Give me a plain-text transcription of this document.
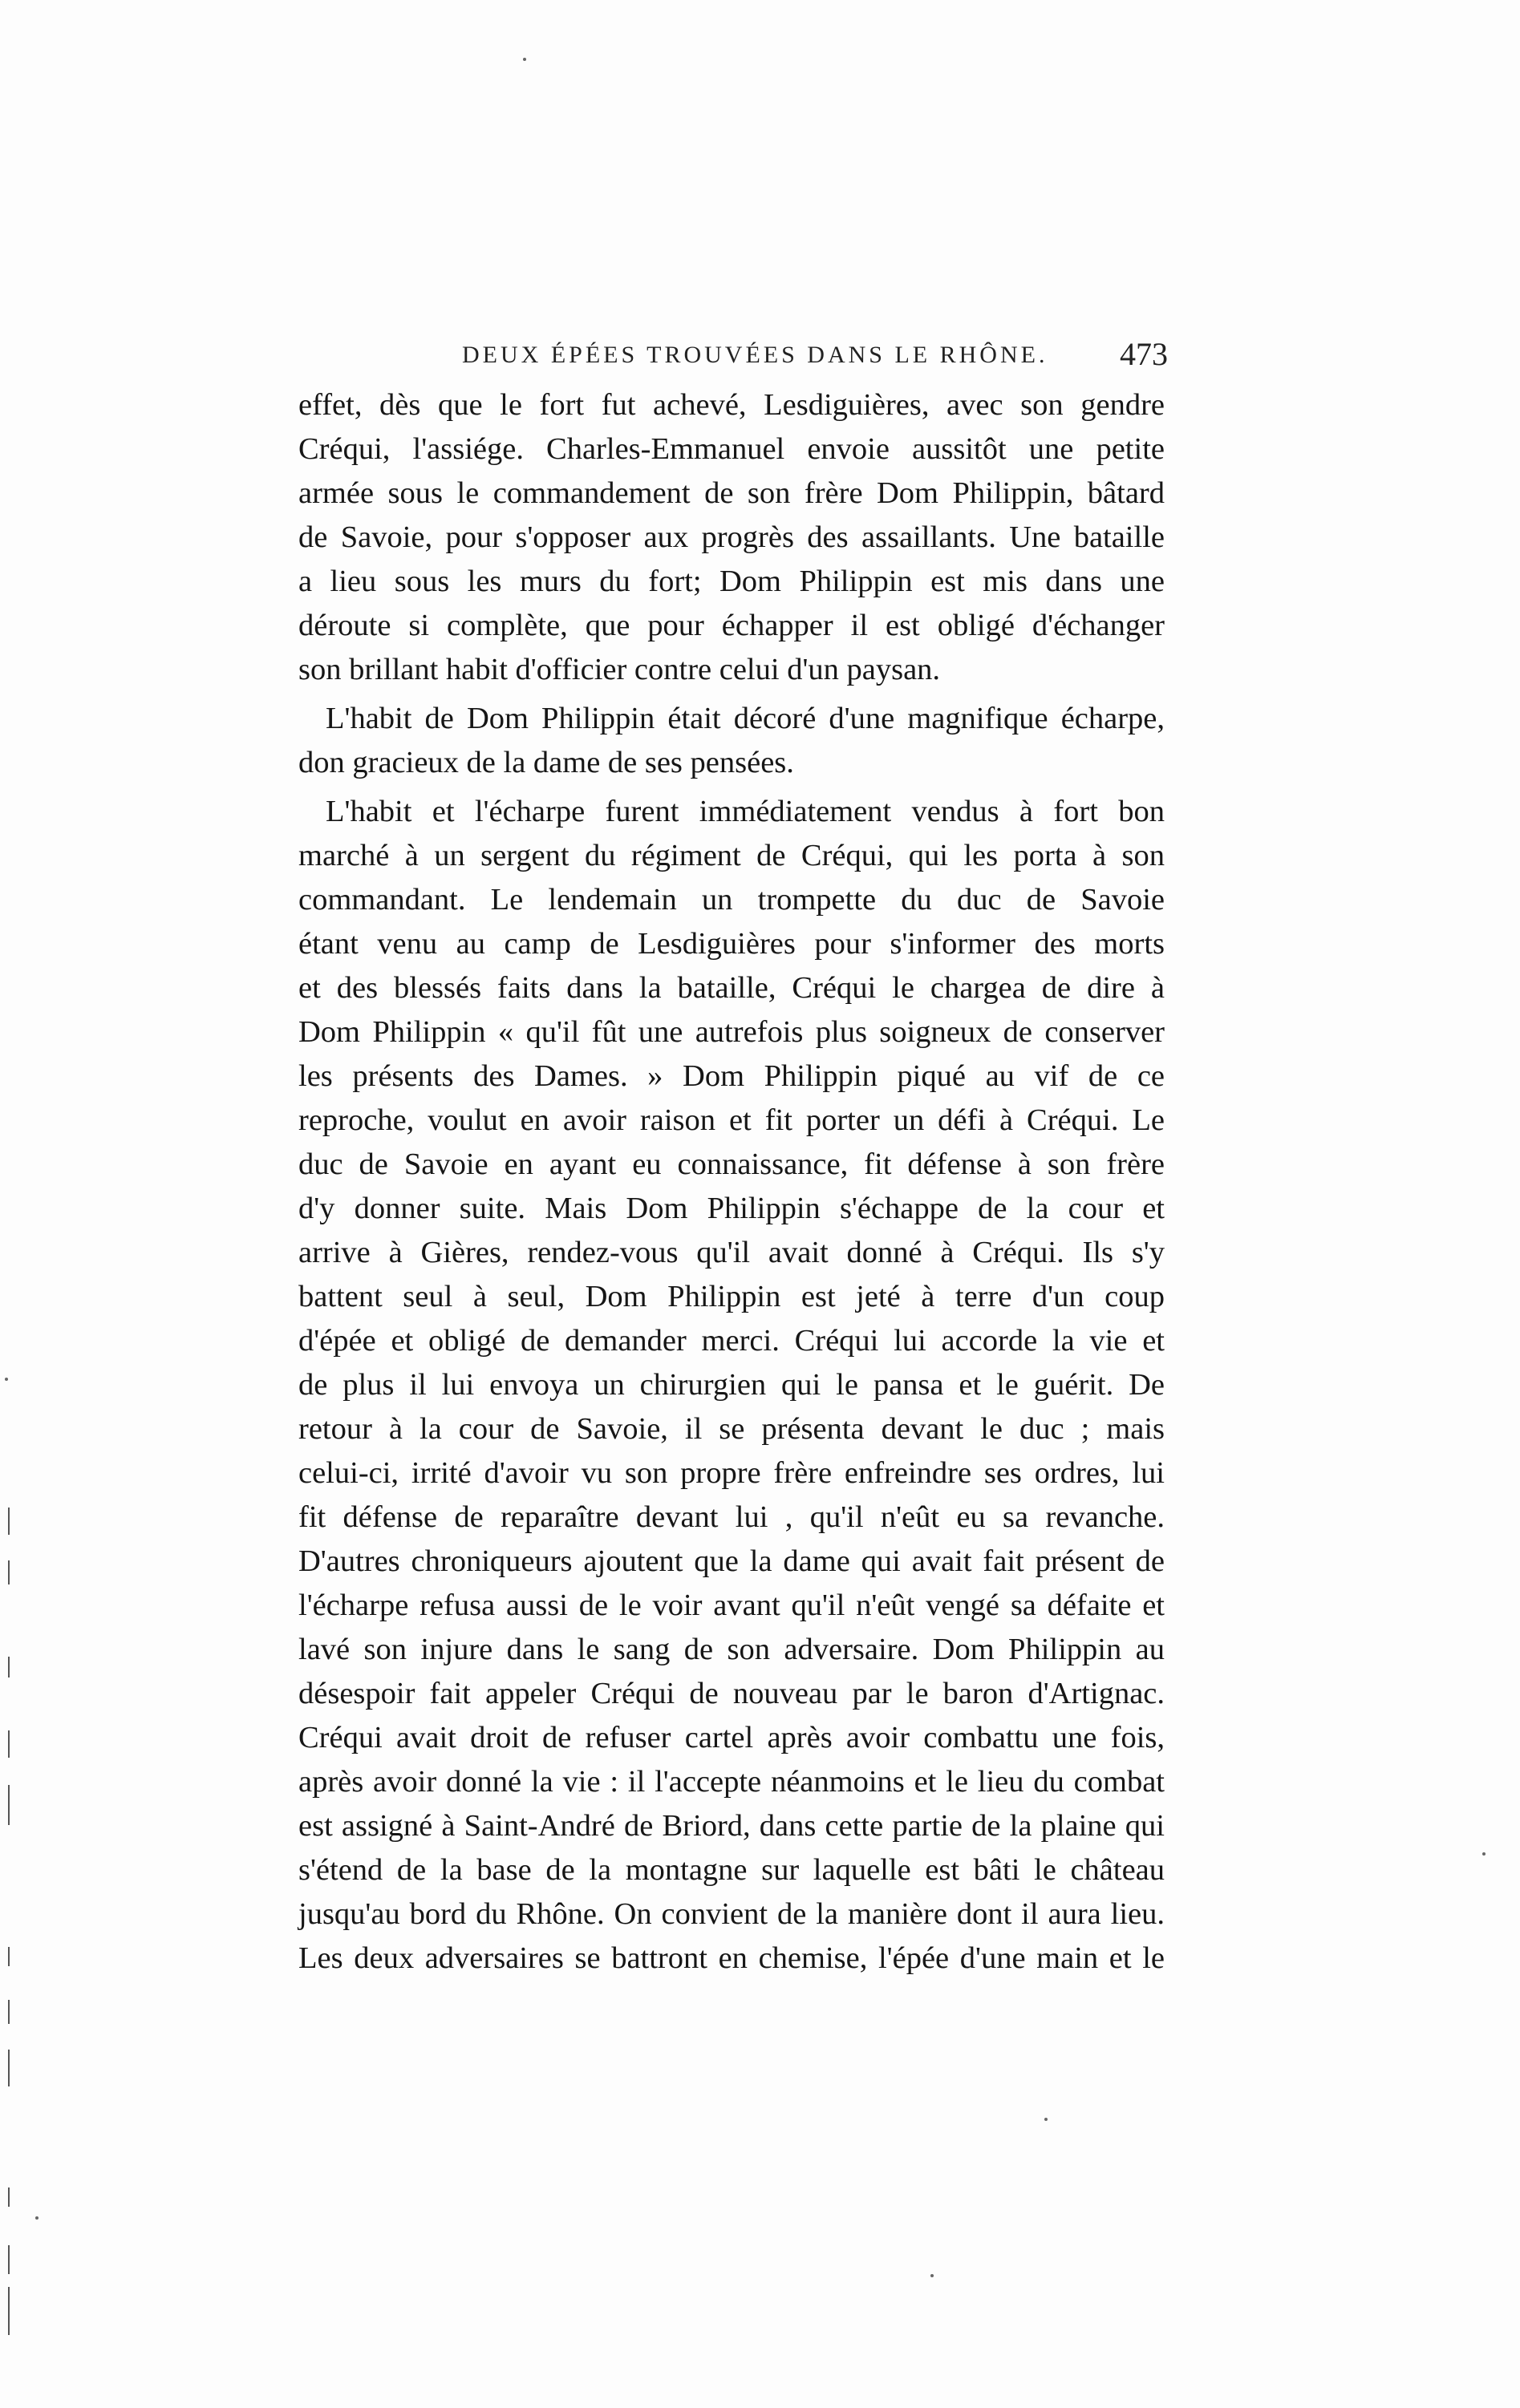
DEUX ÉPÉES TROUVÉES DANS LE RHÔNE. 473
effet, dès que le fort fut achevé, Lesdiguières, avec son gendre
Créqui, l'assiége. Charles-Emmanuel envoie aussitôt une petite
armée sous le commandement de son frère Dom Philippin, bâtard
de Savoie, pour s'opposer aux progrès des assaillants. Une bataille
a lieu sous les murs du fort; Dom Philippin est mis dans une
déroute si complète, que pour échapper il est obligé d'échanger
son brillant habit d'officier contre celui d'un paysan.
L'habit de Dom Philippin était décoré d'une magnifique écharpe,
don gracieux de la dame de ses pensées.
L'habit et l'écharpe furent immédiatement vendus à fort bon
marché à un sergent du régiment de Créqui, qui les porta à son
commandant. Le lendemain un trompette du duc de Savoie
étant venu au camp de Lesdiguières pour s'informer des morts
et des blessés faits dans la bataille, Créqui le chargea de dire à
Dom Philippin « qu'il fût une autrefois plus soigneux de conserver
les présents des Dames. » Dom Philippin piqué au vif de ce
reproche, voulut en avoir raison et fit porter un défi à Créqui. Le
duc de Savoie en ayant eu connaissance, fit défense à son frère
d'y donner suite. Mais Dom Philippin s'échappe de la cour et
arrive à Gières, rendez-vous qu'il avait donné à Créqui. Ils s'y
battent seul à seul, Dom Philippin est jeté à terre d'un coup
d'épée et obligé de demander merci. Créqui lui accorde la vie et
de plus il lui envoya un chirurgien qui le pansa et le guérit. De
retour à la cour de Savoie, il se présenta devant le duc ; mais
celui-ci, irrité d'avoir vu son propre frère enfreindre ses ordres, lui
fit défense de reparaître devant lui , qu'il n'eût eu sa revanche.
D'autres chroniqueurs ajoutent que la dame qui avait fait présent de
l'écharpe refusa aussi de le voir avant qu'il n'eût vengé sa défaite et
lavé son injure dans le sang de son adversaire. Dom Philippin au
désespoir fait appeler Créqui de nouveau par le baron d'Artignac.
Créqui avait droit de refuser cartel après avoir combattu une fois,
après avoir donné la vie : il l'accepte néanmoins et le lieu du combat
est assigné à Saint-André de Briord, dans cette partie de la plaine qui
s'étend de la base de la montagne sur laquelle est bâti le château
jusqu'au bord du Rhône. On convient de la manière dont il aura lieu.
Les deux adversaires se battront en chemise, l'épée d'une main et le
